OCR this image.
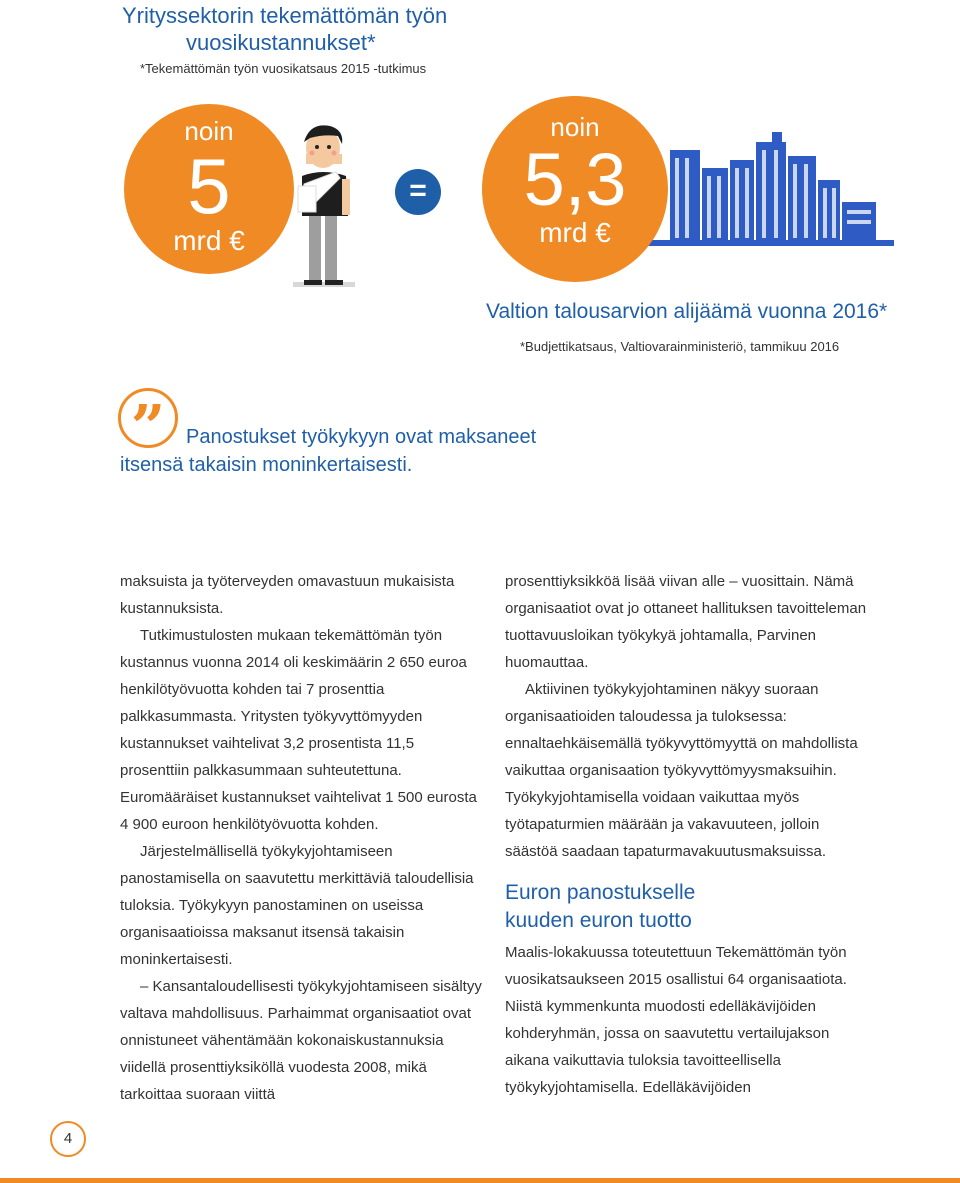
Yrityssektorin tekemättömän työn
vuosikustannukset*
*Tekemättömän työn vuosikatsaus 2015 -tutkimus
noin
5
mrd €
=
noin
5,3
mrd €
Valtion talousarvion alijäämä vuonna 2016*
*Budjettikatsaus, Valtiovarainministeriö, tammikuu 2016
”	Panostukset työkykyyn ovat maksaneet
itsensä takaisin moninkertaisesti.

maksuista ja työterveyden omavastuun mukaisista kustannuksista.

Tutkimustulosten mukaan tekemättömän työn kustannus vuonna 2014 oli keskimäärin 2 650 euroa henkilötyövuotta kohden tai 7 prosenttia palkkasummasta. Yritysten työkyvyttömyyden kustannukset vaihtelivat 3,2 prosentista 11,5 prosenttiin palkkasummaan suhteutettuna. Euromääräiset kustannukset vaihtelivat 1 500 eurosta 4 900 euroon henkilötyövuotta kohden.

Järjestelmällisellä työkykyjohtamiseen panostamisella on saavutettu merkittäviä taloudellisia tuloksia. Työkykyyn panostaminen on useissa organisaatioissa maksanut itsensä takaisin moninkertaisesti.

– Kansantaloudellisesti työkykyjohtamiseen sisältyy valtava mahdollisuus. Parhaimmat organisaatiot ovat onnistuneet vähentämään kokonaiskustannuksia viidellä prosenttiyksiköllä vuodesta 2008, mikä tarkoittaa suoraan viittä

prosenttiyksikköä lisää viivan alle – vuosittain. Nämä organisaatiot ovat jo ottaneet hallituksen tavoitteleman tuottavuusloikan työkykyä johtamalla, Parvinen huomauttaa.

Aktiivinen työkykyjohtaminen näkyy suoraan organisaatioiden taloudessa ja tuloksessa: ennaltaehkäisemällä työkyvyttömyyttä on mahdollista vaikuttaa organisaation työkyvyttömyysmaksuihin. Työkykyjohtamisella voidaan vaikuttaa myös työtapaturmien määrään ja vakavuuteen, jolloin säästöä saadaan tapaturmavakuutusmaksuissa.

Euron panostukselle
kuuden euron tuotto

Maalis-lokakuussa toteutettuun Tekemättömän työn vuosikatsaukseen 2015 osallistui 64 organisaatiota. Niistä kymmenkunta muodosti edelläkävijöiden kohderyhmän, jossa on saavutettu vertailujakson aikana vaikuttavia tuloksia tavoitteellisella työkykyjohtamisella. Edelläkävijöiden

4
